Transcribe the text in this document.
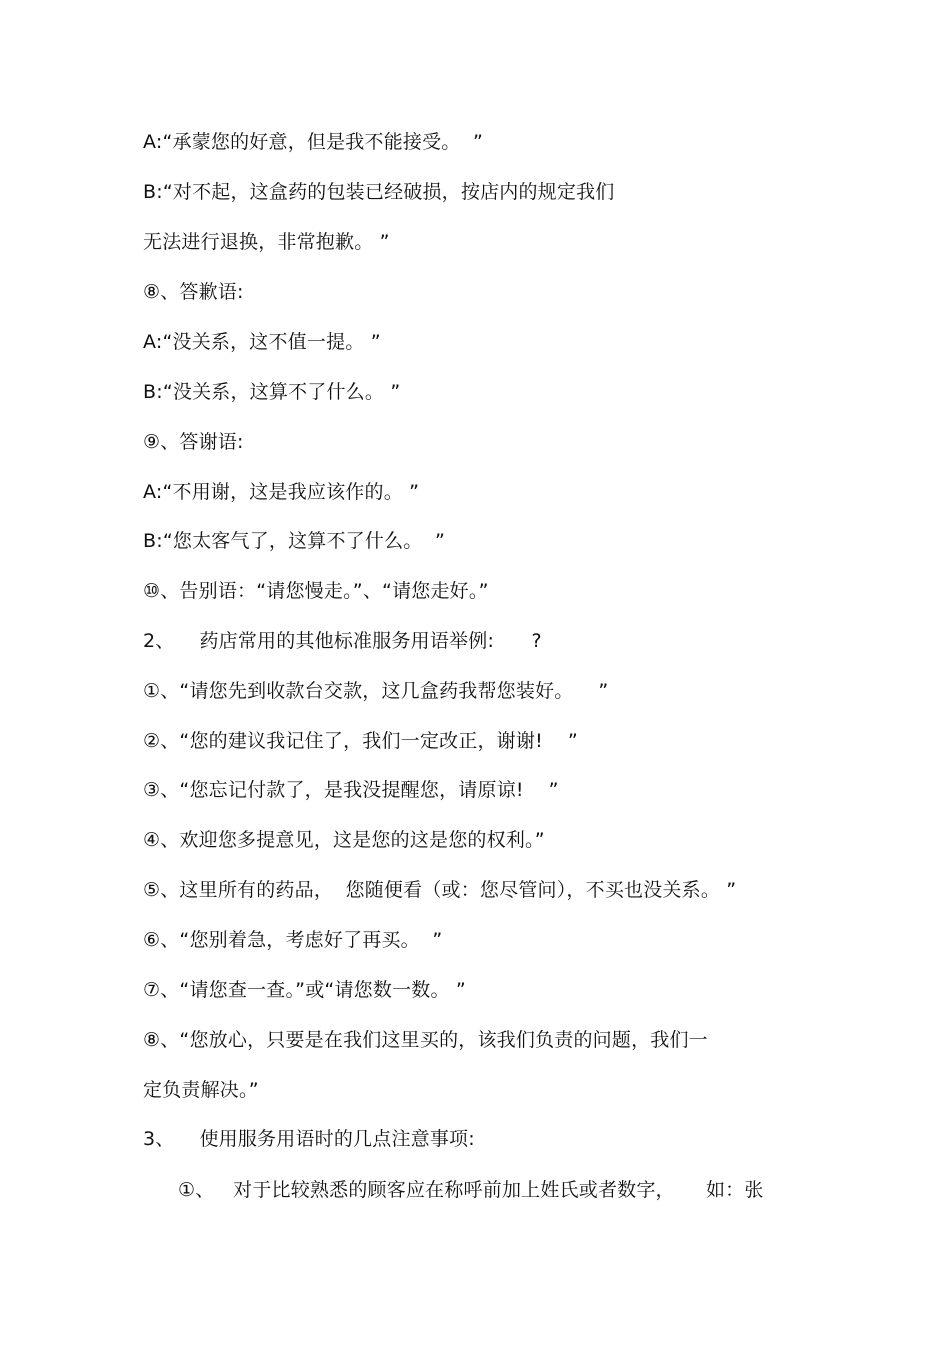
A:“承蒙您的好意，但是我不能接受。  ”
B:“对不起，这盒药的包装已经破损，按店内的规定我们
无法进行退换，非常抱歉。 ”
⑧、答歉语:
A:“没关系，这不值一提。 ”
B:“没关系，这算不了什么。 ”
⑨、答谢语:
A:“不用谢，这是我应该作的。 ”
B:“您太客气了，这算不了什么。  ”
⑩、告别语：“请您慢走。”、“请您走好。”
2、    药店常用的其他标准服务用语举例:      ?
①、“请您先到收款台交款，这几盒药我帮您装好。    ”
②、“您的建议我记住了，我们一定改正，谢谢!    ”
③、“您忘记付款了，是我没提醒您，请原谅!    ”
④、欢迎您多提意见，这是您的这是您的权利。”
⑤、这里所有的药品，  您随便看（或：您尽管问），不买也没关系。 ”
⑥、“您别着急，考虑好了再买。  ”
⑦、“请您查一查。”或“请您数一数。 ”
⑧、“您放心，只要是在我们这里买的，该我们负责的问题，我们一
定负责解决。”
3、    使用服务用语时的几点注意事项:
①、   对于比较熟悉的顾客应在称呼前加上姓氏或者数字，     如：张
